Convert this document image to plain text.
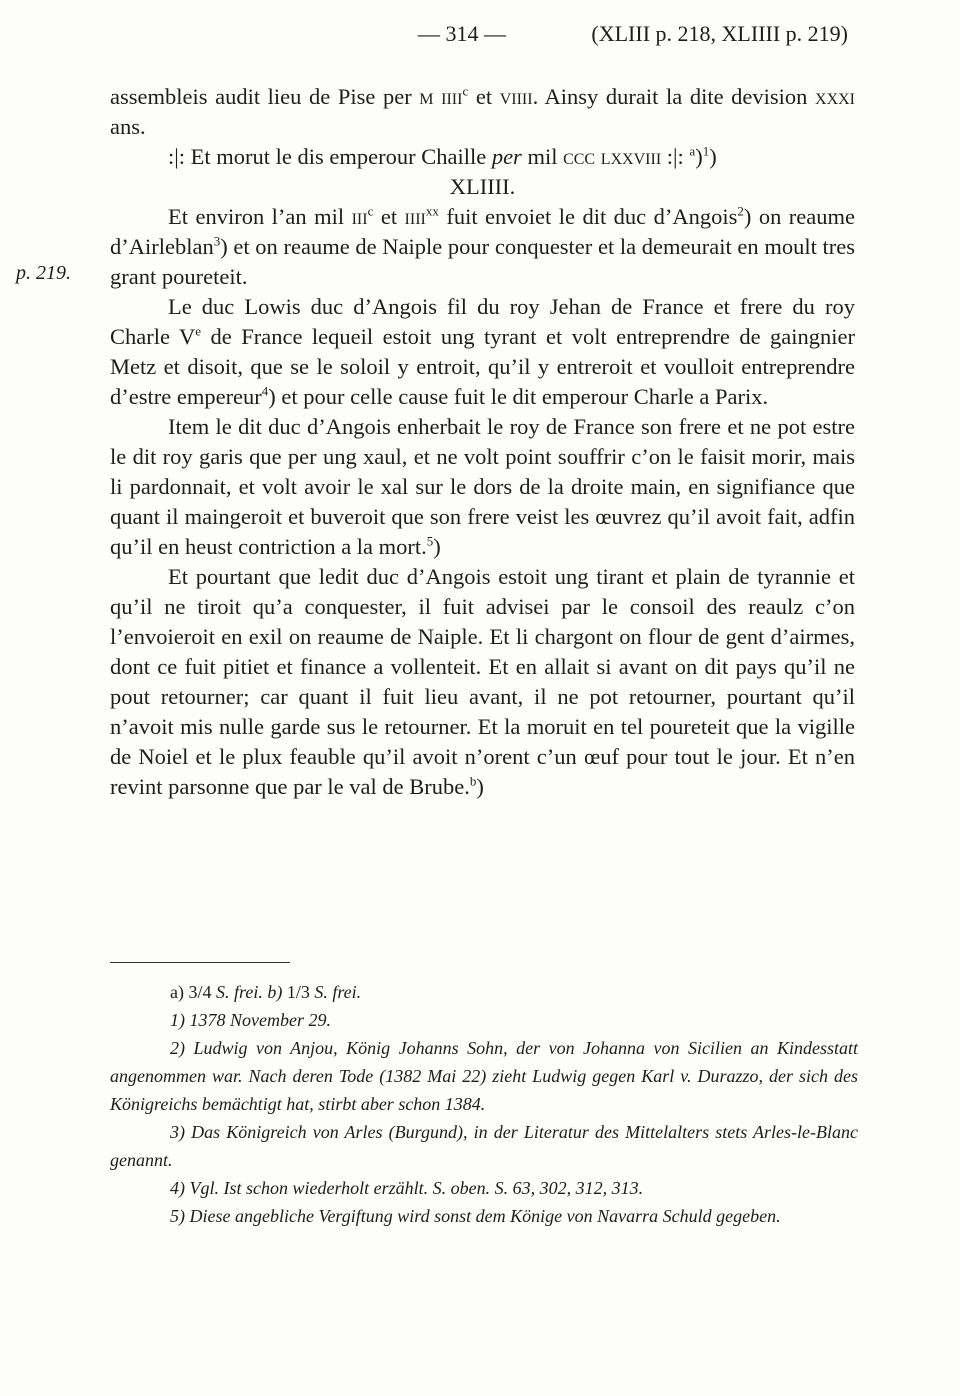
— 314 —	(XLIII p. 218, XLIIII p. 219)
p. 219.

assembleis audit lieu de Pise per m iiii$^c$ et viiii. Ainsy durait la dite devision xxxi ans.

:|: Et morut le dis emperour Chaille per mil ccc lxxviii :|: $^a$)$^1$)

XLIIII.

Et environ l’an mil iii$^c$ et iiii$^{xx}$ fuit envoiet le dit duc d’Angois$^2$) on reaume d’Airleblan$^3$) et on reaume de Naiple pour conquester et la demeurait en moult tres grant poureteit.

Le duc Lowis duc d’Angois fil du roy Jehan de France et frere du roy Charle Ve de France lequeil estoit ung tyrant et volt entreprendre de gaingnier Metz et disoit, que se le soloil y entroit, qu’il y entreroit et voulloit entreprendre d’estre empereur$^4$) et pour celle cause fuit le dit emperour Charle a Parix.

Item le dit duc d’Angois enherbait le roy de France son frere et ne pot estre le dit roy garis que per ung xaul, et ne volt point souffrir c’on le faisit morir, mais li pardonnait, et volt avoir le xal sur le dors de la droite main, en signifiance que quant il maingeroit et buveroit que son frere veist les œuvrez qu’il avoit fait, adfin qu’il en heust contriction a la mort.$^5$)

Et pourtant que ledit duc d’Angois estoit ung tirant et plain de tyrannie et qu’il ne tiroit qu’a conquester, il fuit advisei par le consoil des reaulz c’on l’envoieroit en exil on reaume de Naiple. Et li chargont on flour de gent d’airmes, dont ce fuit pitiet et finance a vollenteit. Et en allait si avant on dit pays qu’il ne pout retourner; car quant il fuit lieu avant, il ne pot retourner, pourtant qu’il n’avoit mis nulle garde sus le retourner. Et la moruit en tel poureteit que la vigille de Noiel et le plux feauble qu’il avoit n’orent c’un œuf pour tout le jour. Et n’en revint parsonne que par le val de Brube.$^b$)

a) 3/4 S. frei. b) 1/3 S. frei.

1) 1378 November 29.

2) Ludwig von Anjou, König Johanns Sohn, der von Johanna von Sicilien an Kindesstatt angenommen war. Nach deren Tode (1382 Mai 22) zieht Ludwig gegen Karl v. Durazzo, der sich des Königreichs bemächtigt hat, stirbt aber schon 1384.

3) Das Königreich von Arles (Burgund), in der Literatur des Mittelalters stets Arles-le-Blanc genannt.

4) Vgl. Ist schon wiederholt erzählt. S. oben. S. 63, 302, 312, 313.

5) Diese angebliche Vergiftung wird sonst dem Könige von Navarra Schuld gegeben.
